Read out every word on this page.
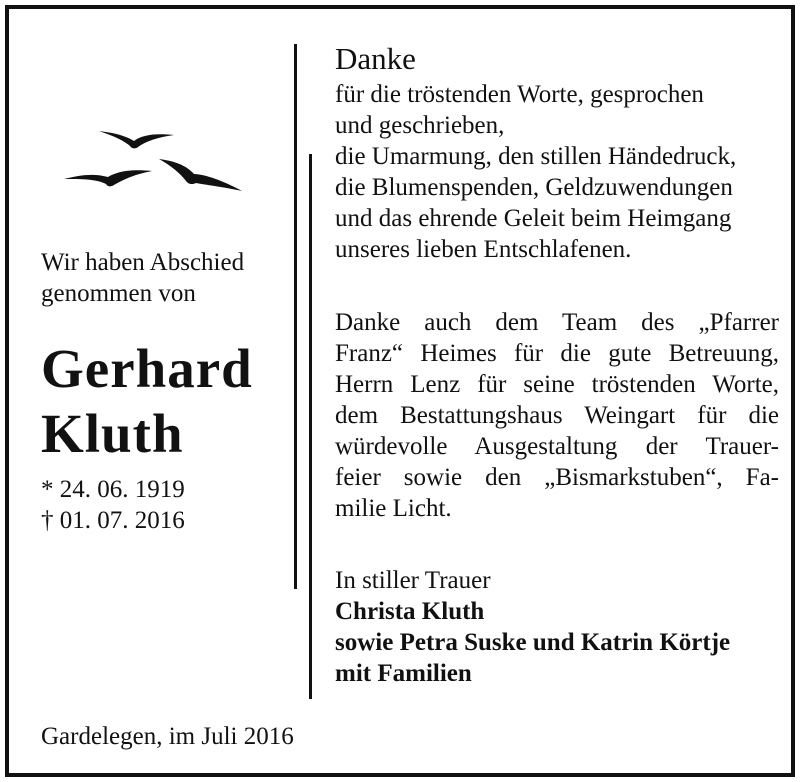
Wir haben Abschied
genommen von
Gerhard
Kluth
* 24. 06. 1919
† 01. 07. 2016
Gardelegen, im Juli 2016
Danke
für die tröstenden Worte, gesprochen
und geschrieben,
die Umarmung, den stillen Händedruck,
die Blumenspenden, Geldzuwendungen
und das ehrende Geleit beim Heimgang
unseres lieben Entschlafenen.
Danke auch dem Team des „Pfarrer
Franz“ Heimes für die gute Betreuung,
Herrn Lenz für seine tröstenden Worte,
dem Bestattungshaus Weingart für die
würdevolle Ausgestaltung der Trauer-
feier sowie den „Bismarkstuben“, Fa-
milie Licht.
In stiller Trauer
Christa Kluth
sowie Petra Suske und Katrin Körtje
mit Familien
